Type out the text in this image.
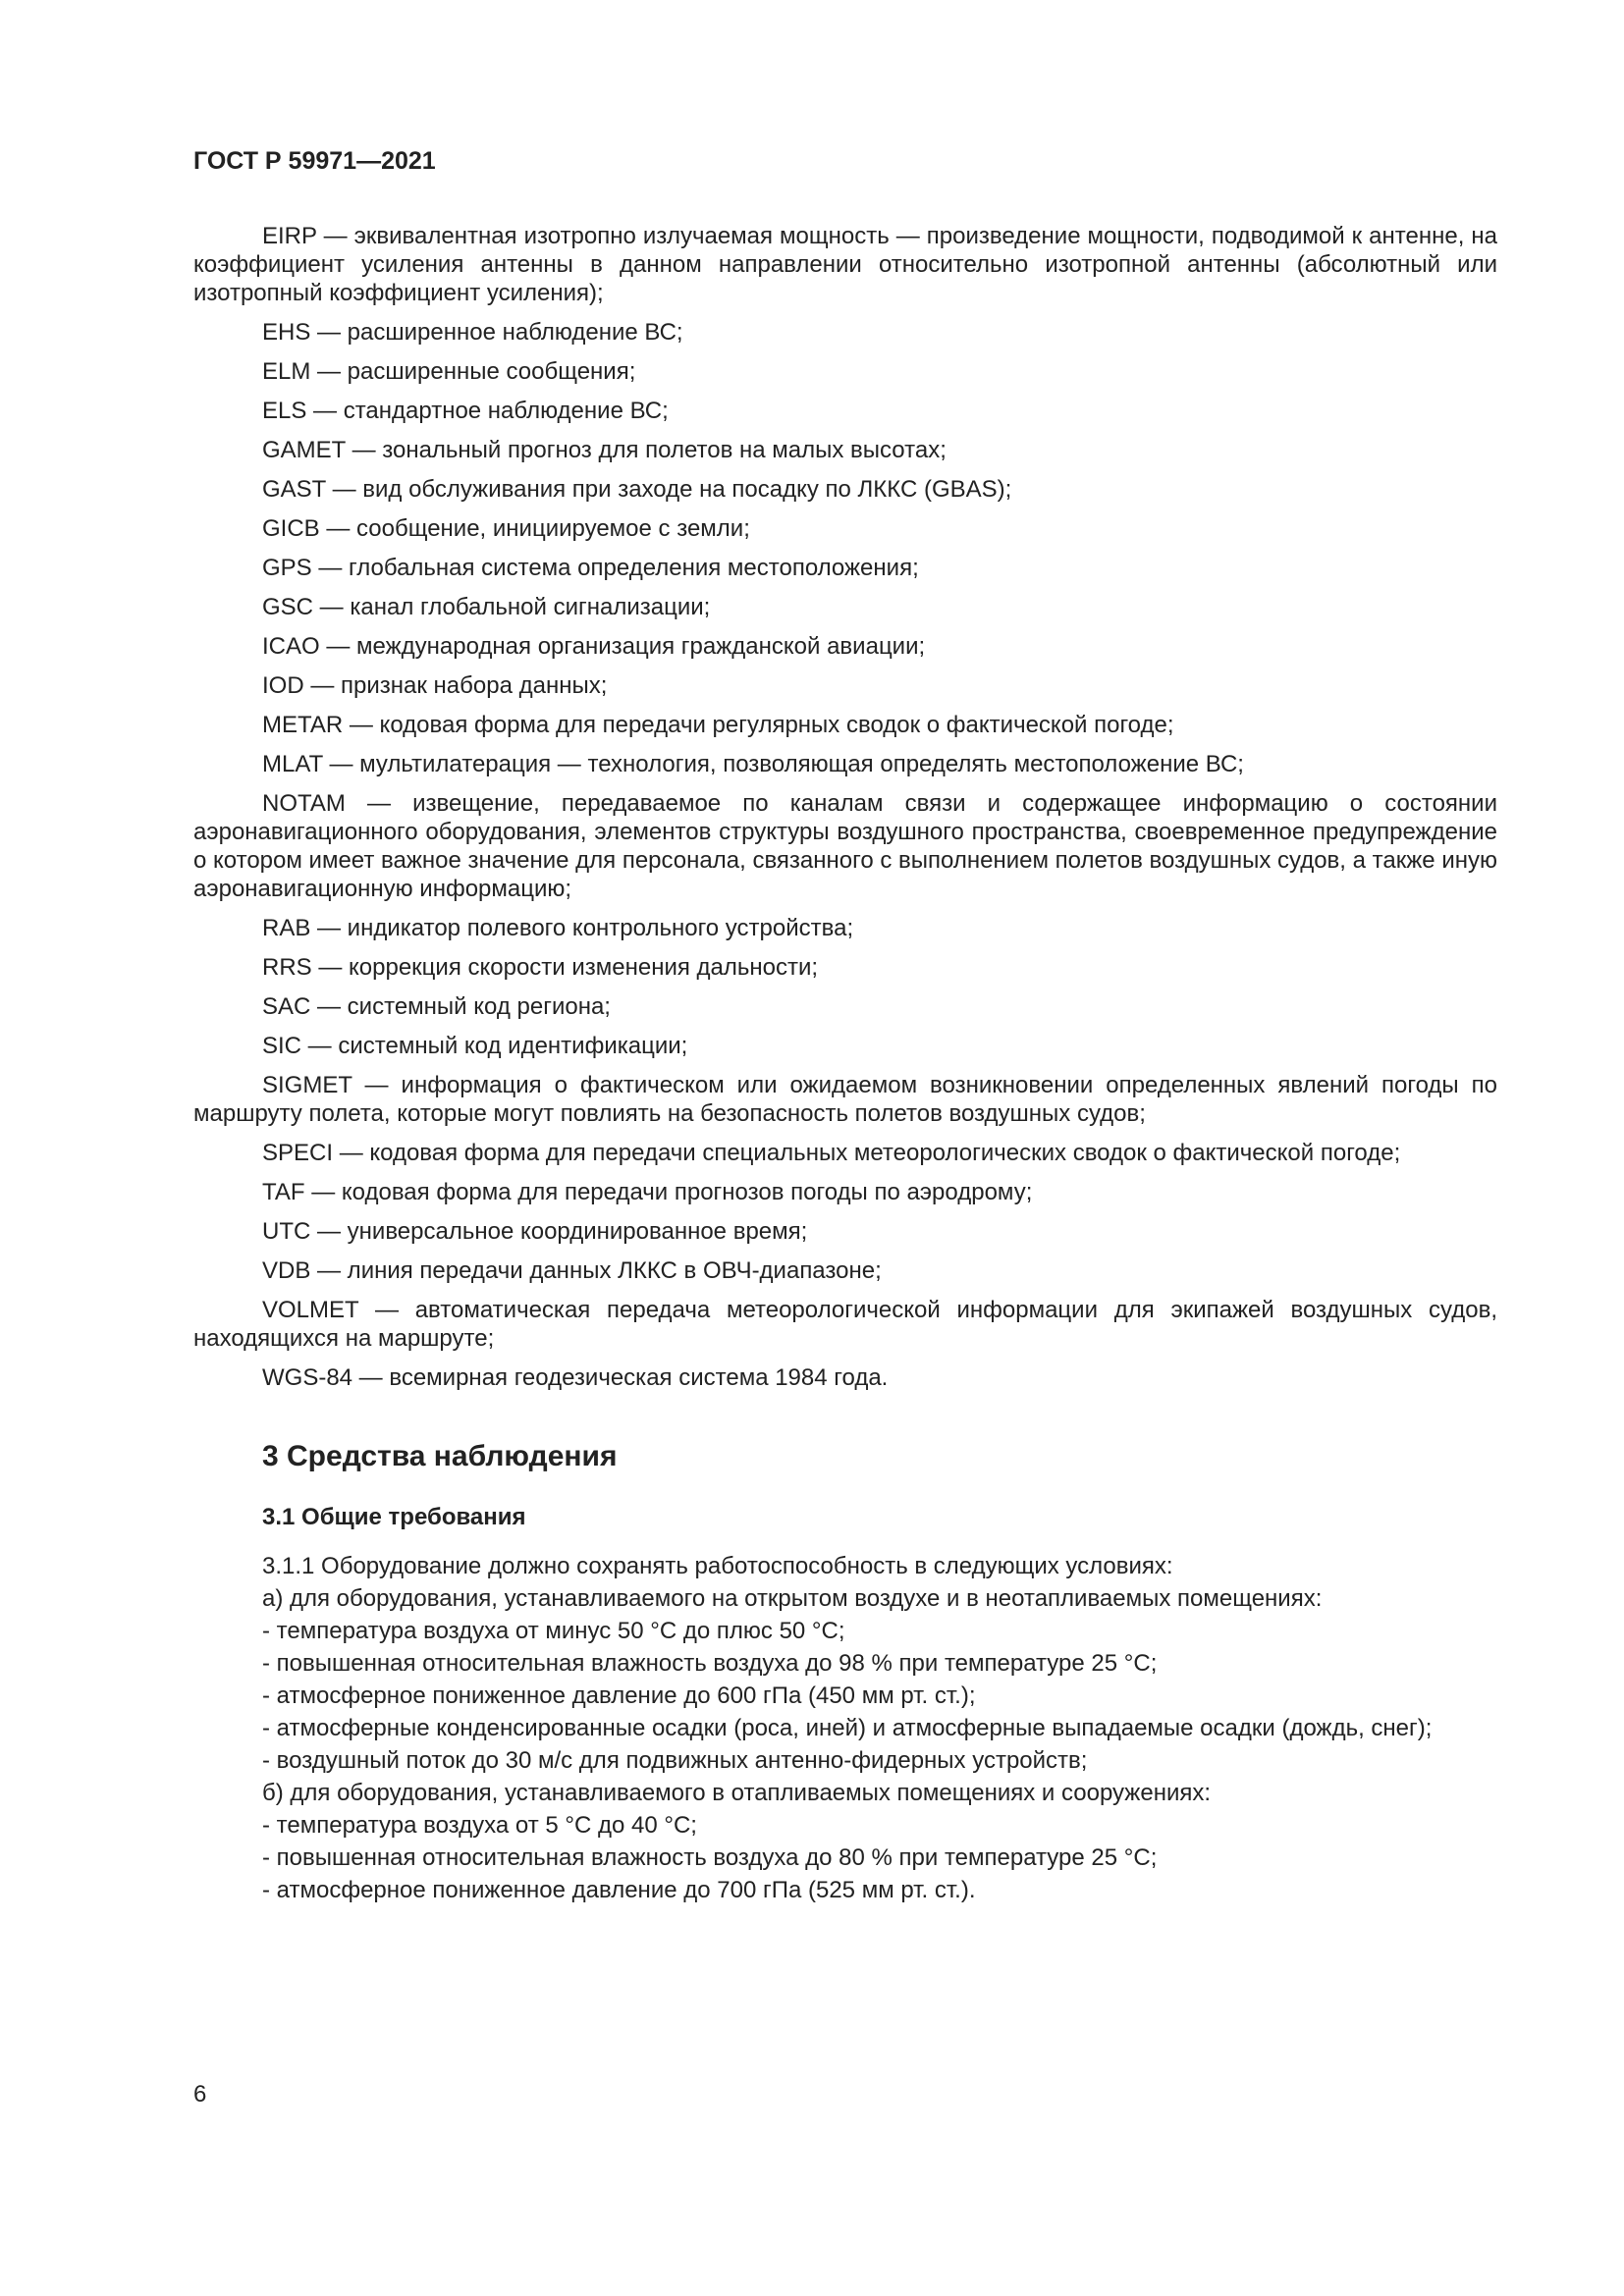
ГОСТ Р 59971—2021

EIRP — эквивалентная изотропно излучаемая мощность — произведение мощности, подводимой к антенне, на коэффициент усиления антенны в данном направлении относительно изотропной антенны (абсолютный или изотропный коэффициент усиления);

EHS — расширенное наблюдение ВС;

ELM — расширенные сообщения;

ELS — стандартное наблюдение ВС;

GAMET — зональный прогноз для полетов на малых высотах;

GAST — вид обслуживания при заходе на посадку по ЛККС (GBAS);

GICB — сообщение, инициируемое с земли;

GPS — глобальная система определения местоположения;

GSC — канал глобальной сигнализации;

ICAO — международная организация гражданской авиации;

IOD — признак набора данных;

METAR — кодовая форма для передачи регулярных сводок о фактической погоде;

MLAT — мультилатерация — технология, позволяющая определять местоположение ВС;

NOTAM — извещение, передаваемое по каналам связи и содержащее информацию о состоянии аэронавигационного оборудования, элементов структуры воздушного пространства, своевременное предупреждение о котором имеет важное значение для персонала, связанного с выполнением полетов воздушных судов, а также иную аэронавигационную информацию;

RAB — индикатор полевого контрольного устройства;

RRS — коррекция скорости изменения дальности;

SAC — системный код региона;

SIC — системный код идентификации;

SIGMET — информация о фактическом или ожидаемом возникновении определенных явлений погоды по маршруту полета, которые могут повлиять на безопасность полетов воздушных судов;

SPECI — кодовая форма для передачи специальных метеорологических сводок о фактической погоде;

TAF — кодовая форма для передачи прогнозов погоды по аэродрому;

UTC — универсальное координированное время;

VDB — линия передачи данных ЛККС в ОВЧ-диапазоне;

VOLMET — автоматическая передача метеорологической информации для экипажей воздушных судов, находящихся на маршруте;

WGS-84 — всемирная геодезическая система 1984 года.

3 Средства наблюдения
3.1 Общие требования

3.1.1 Оборудование должно сохранять работоспособность в следующих условиях:

а) для оборудования, устанавливаемого на открытом воздухе и в неотапливаемых помещениях:

- температура воздуха от минус 50 °С до плюс 50 °С;

- повышенная относительная влажность воздуха до 98 % при температуре 25 °С;

- атмосферное пониженное давление до 600 гПа (450 мм рт. ст.);

- атмосферные конденсированные осадки (роса, иней) и атмосферные выпадаемые осадки (дождь, снег);

- воздушный поток до 30 м/с для подвижных антенно-фидерных устройств;

б) для оборудования, устанавливаемого в отапливаемых помещениях и сооружениях:

- температура воздуха от 5 °С до 40 °С;

- повышенная относительная влажность воздуха до 80 % при температуре 25 °С;

- атмосферное пониженное давление до 700 гПа (525 мм рт. ст.).

6
